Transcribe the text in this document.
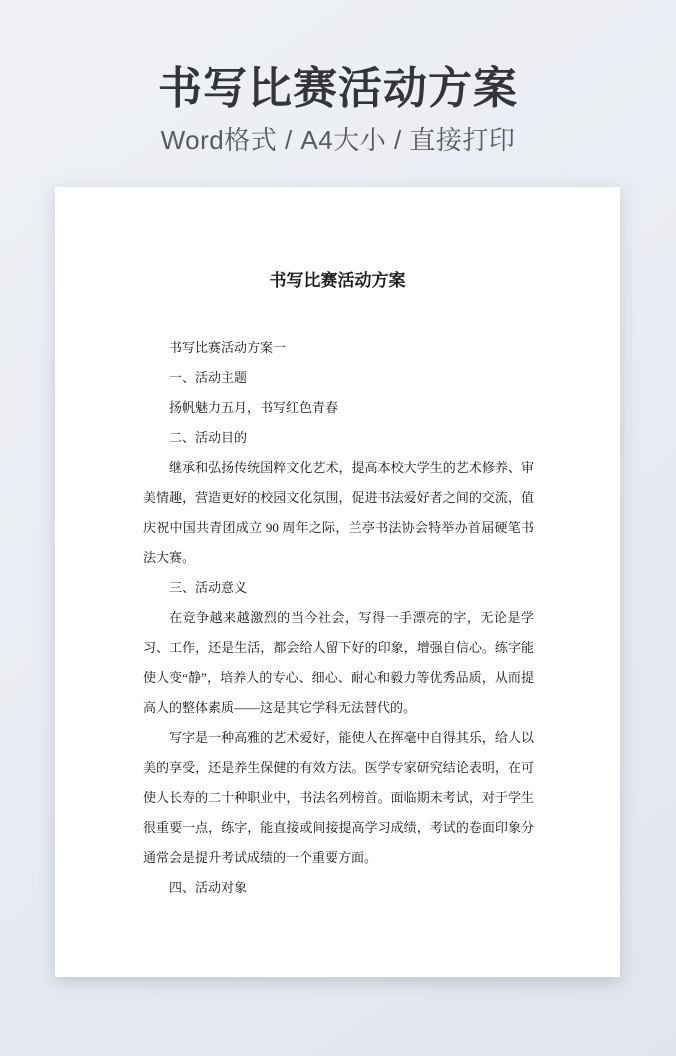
书写比赛活动方案
Word格式 / A4大小 / 直接打印
书写比赛活动方案

书写比赛活动方案一

一、活动主题

扬帆魅力五月，书写红色青春

二、活动目的

继承和弘扬传统国粹文化艺术，提高本校大学生的艺术修养、审美情趣，营造更好的校园文化氛围，促进书法爱好者之间的交流，值庆祝中国共青团成立 90 周年之际，兰亭书法协会特举办首届硬笔书法大赛。

三、活动意义

在竞争越来越激烈的当今社会，写得一手漂亮的字，无论是学习、工作，还是生活，都会给人留下好的印象，增强自信心。练字能使人变“静”，培养人的专心、细心、耐心和毅力等优秀品质，从而提高人的整体素质——这是其它学科无法替代的。

写字是一种高雅的艺术爱好，能使人在挥毫中自得其乐，给人以美的享受，还是养生保健的有效方法。医学专家研究结论表明，在可使人长寿的二十种职业中，书法名列榜首。面临期末考试，对于学生很重要一点，练字，能直接或间接提高学习成绩，考试的卷面印象分通常会是提升考试成绩的一个重要方面。

四、活动对象
